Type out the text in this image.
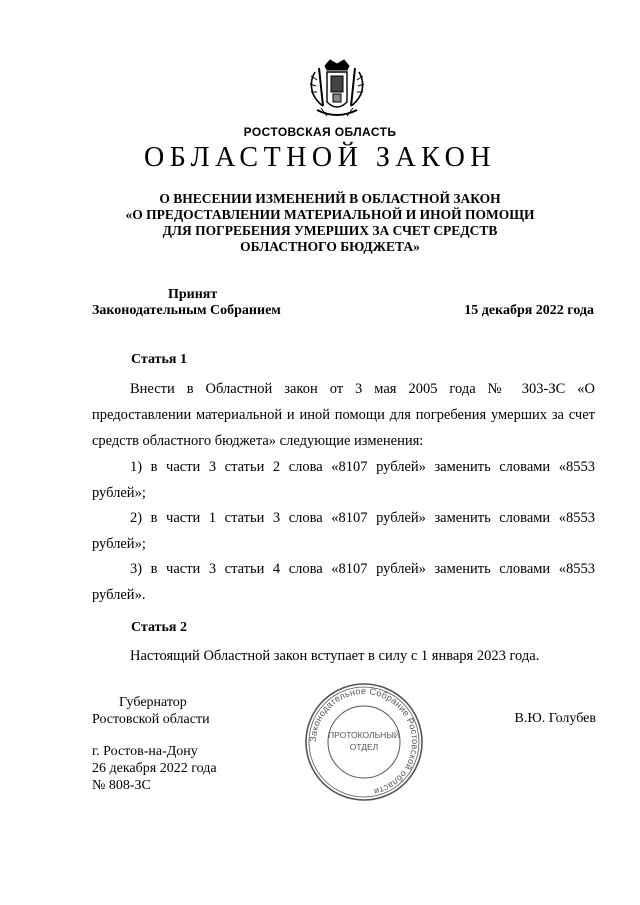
РОСТОВСКАЯ ОБЛАСТЬ
ОБЛАСТНОЙ ЗАКОН
О ВНЕСЕНИИ ИЗМЕНЕНИЙ В ОБЛАСТНОЙ ЗАКОН
«О ПРЕДОСТАВЛЕНИИ МАТЕРИАЛЬНОЙ И ИНОЙ ПОМОЩИ
ДЛЯ ПОГРЕБЕНИЯ УМЕРШИХ ЗА СЧЕТ СРЕДСТВ
ОБЛАСТНОГО БЮДЖЕТА»
Принят
Законодательным Собранием	15 декабря 2022 года
Статья 1
Внести в Областной закон от 3 мая 2005 года № 303-ЗС «О предоставлении материальной и иной помощи для погребения умерших за счет средств областного бюджета» следующие изменения:
1) в части 3 статьи 2 слова «8107 рублей» заменить словами «8553 рублей»;
2) в части 1 статьи 3 слова «8107 рублей» заменить словами «8553 рублей»;
3) в части 3 статьи 4 слова «8107 рублей» заменить словами «8553 рублей».
Статья 2
Настоящий Областной закон вступает в силу с 1 января 2023 года.
Губернатор
Ростовской области	В.Ю. Голубев
г. Ростов-на-Дону
26 декабря 2022 года
№ 808-ЗС
Законодательное Собрание Ростовской области
ПРОТОКОЛЬНЫЙ
ОТДЕЛ
